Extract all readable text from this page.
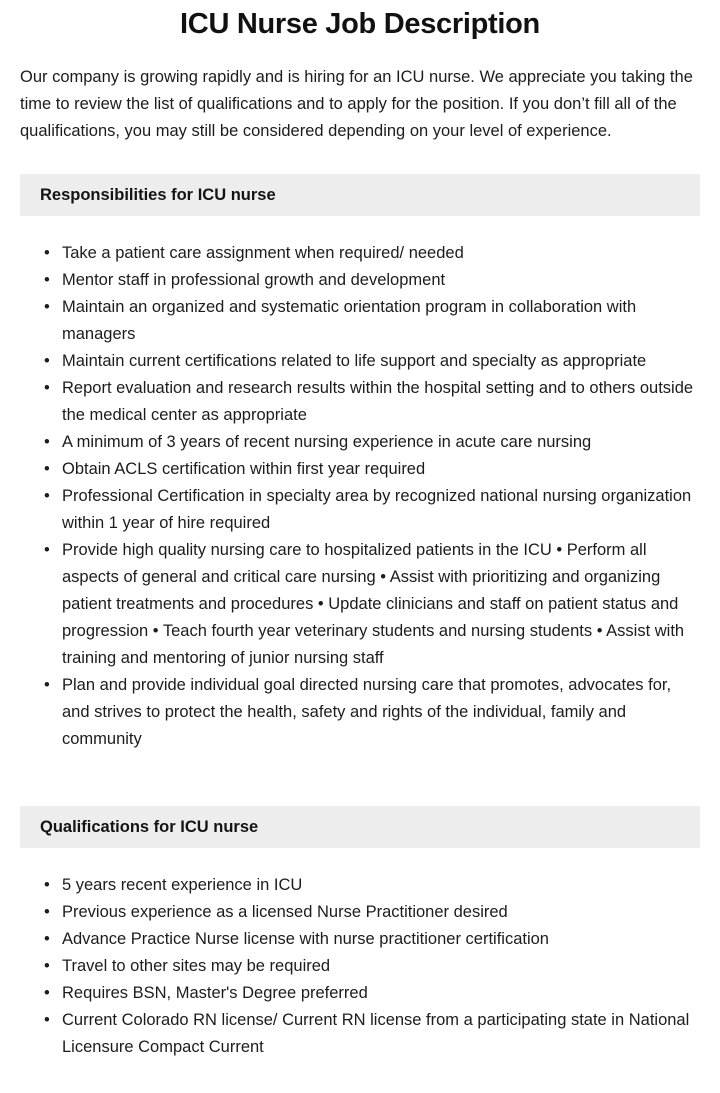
ICU Nurse Job Description

Our company is growing rapidly and is hiring for an ICU nurse. We appreciate you taking the time to review the list of qualifications and to apply for the position. If you don’t fill all of the qualifications, you may still be considered depending on your level of experience.

Responsibilities for ICU nurse
• Take a patient care assignment when required/ needed
• Mentor staff in professional growth and development
• Maintain an organized and systematic orientation program in collaboration with managers
• Maintain current certifications related to life support and specialty as appropriate
• Report evaluation and research results within the hospital setting and to others outside the medical center as appropriate
• A minimum of 3 years of recent nursing experience in acute care nursing
• Obtain ACLS certification within first year required
• Professional Certification in specialty area by recognized national nursing organization within 1 year of hire required
• Provide high quality nursing care to hospitalized patients in the ICU • Perform all aspects of general and critical care nursing • Assist with prioritizing and organizing patient treatments and procedures • Update clinicians and staff on patient status and progression • Teach fourth year veterinary students and nursing students • Assist with training and mentoring of junior nursing staff
• Plan and provide individual goal directed nursing care that promotes, advocates for, and strives to protect the health, safety and rights of the individual, family and community
Qualifications for ICU nurse
• 5 years recent experience in ICU
• Previous experience as a licensed Nurse Practitioner desired
• Advance Practice Nurse license with nurse practitioner certification
• Travel to other sites may be required
• Requires BSN, Master's Degree preferred
• Current Colorado RN license/ Current RN license from a participating state in National Licensure Compact Current
